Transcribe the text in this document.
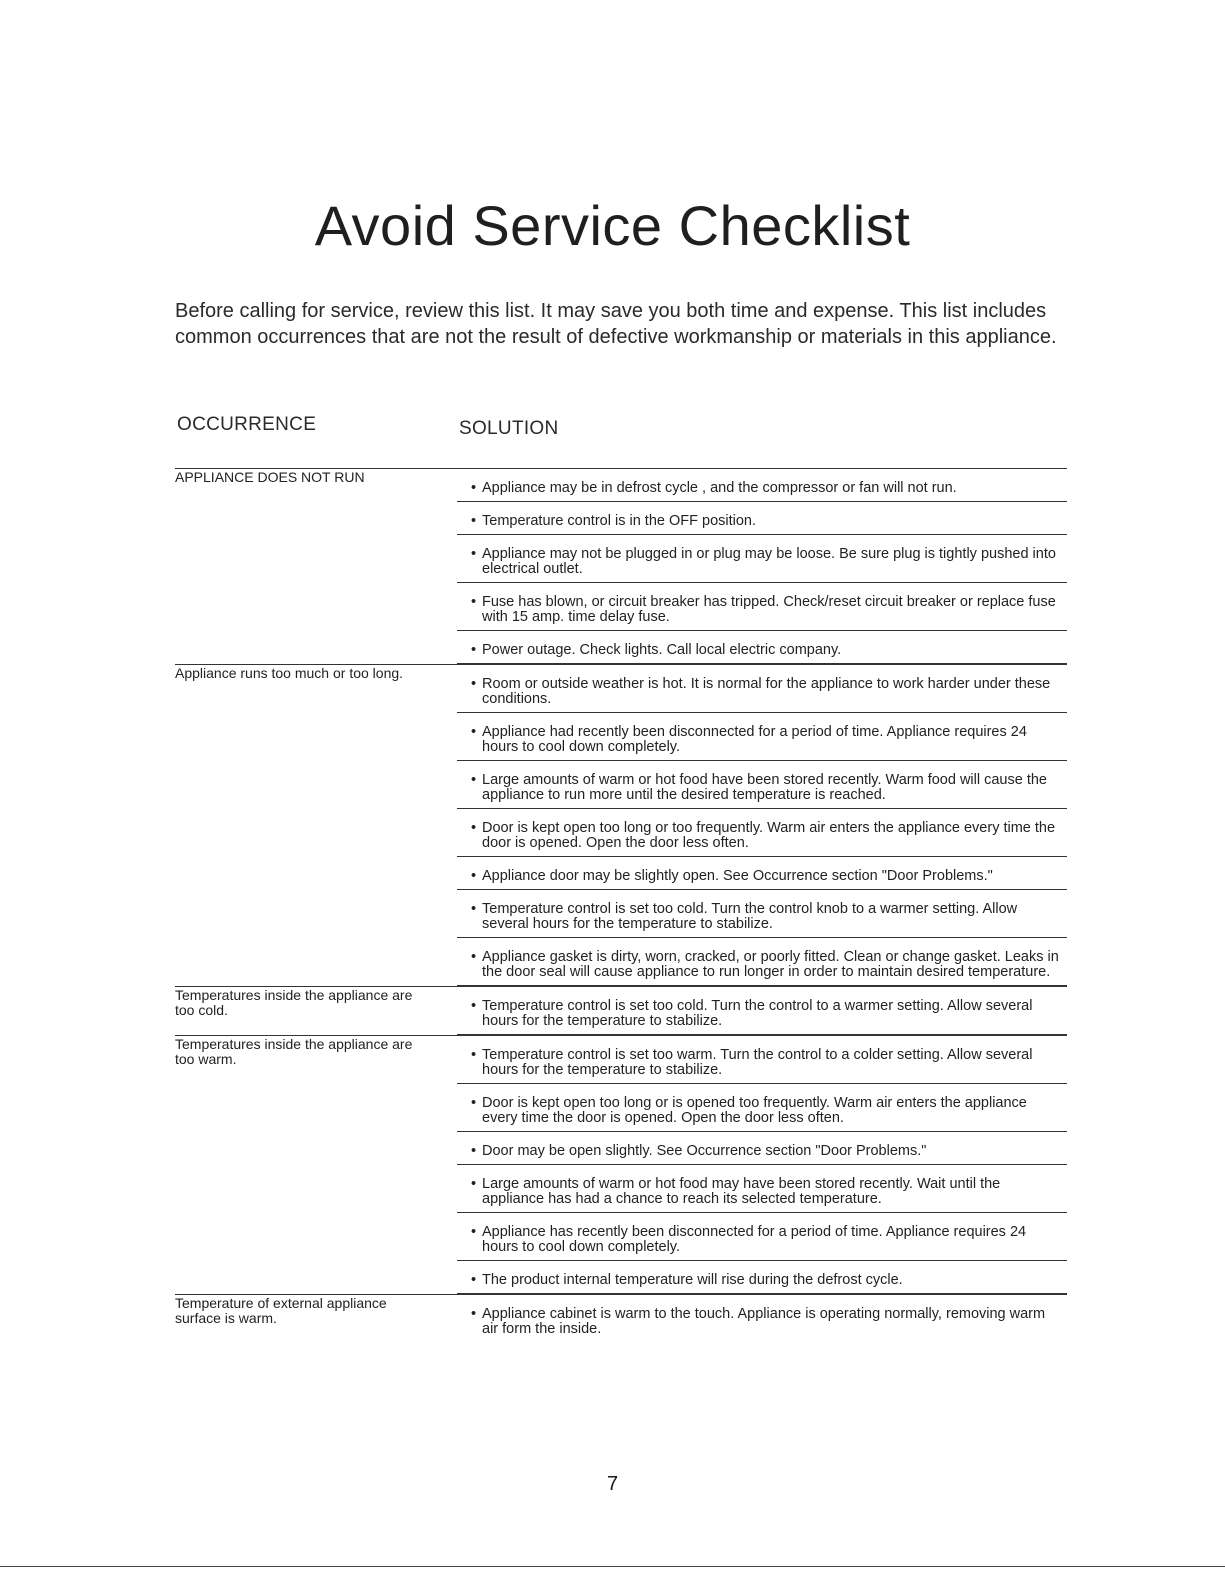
Avoid Service Checklist

Before calling for service, review this list. It may save you both time and expense. This list includes common occurrences that are not the result of defective workmanship or materials in this appliance.

OCCURRENCE	SOLUTION
APPLIANCE DOES NOT RUN
• Appliance may be in defrost cycle , and the compressor or fan will not run.
• Temperature control is in the OFF position.
• Appliance may not be plugged in or plug may be loose. Be sure plug is tightly pushed into electrical outlet.
• Fuse has blown, or circuit breaker has tripped. Check/reset circuit breaker or replace fuse with 15 amp. time delay fuse.
• Power outage. Check lights. Call local electric company.
Appliance runs too much or too long.
• Room or outside weather is hot. It is normal for the appliance to work harder under these conditions.
• Appliance had recently been disconnected for a period of time. Appliance requires 24 hours to cool down completely.
• Large amounts of warm or hot food have been stored recently. Warm food will cause the appliance to run more until the desired temperature is reached.
• Door is kept open too long or too frequently. Warm air enters the appliance every time the door is opened. Open the door less often.
• Appliance door may be slightly open. See Occurrence section "Door Problems."
• Temperature control is set too cold. Turn the control knob to a warmer setting. Allow several hours for the temperature to stabilize.
• Appliance gasket is dirty, worn, cracked, or poorly fitted. Clean or change gasket. Leaks in the door seal will cause appliance to run longer in order to maintain desired temperature.
Temperatures inside the appliance are too cold.	• Temperature control is set too cold. Turn the control to a warmer setting. Allow several hours for the temperature to stabilize.
Temperatures inside the appliance are too warm.	• Temperature control is set too warm. Turn the control to a colder setting. Allow several hours for the temperature to stabilize.
• Door is kept open too long or is opened too frequently. Warm air enters the appliance every time the door is opened. Open the door less often.
• Door may be open slightly. See Occurrence section "Door Problems."
• Large amounts of warm or hot food may have been stored recently. Wait until the appliance has had a chance to reach its selected temperature.
• Appliance has recently been disconnected for a period of time. Appliance requires 24 hours to cool down completely.
• The product internal temperature will rise during the defrost cycle.
Temperature of external appliance surface is warm.	• Appliance cabinet is warm to the touch. Appliance is operating normally, removing warm air form the inside.
7
